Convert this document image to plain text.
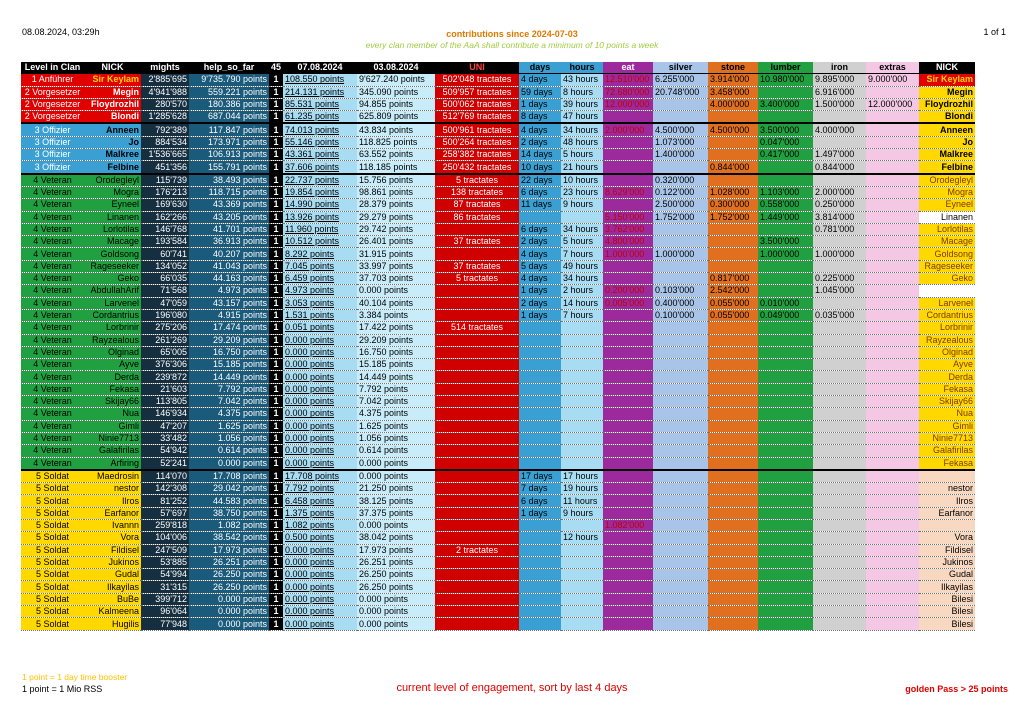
08.08.2024, 03:29h	1 of 1
contributions since 2024-07-03
every clan member of the AaA shall contribute a minimum of 10 points a week
Level in Clan	NICK	mights	help_so_far	45	07.08.2024	03.08.2024	UNI	days	hours	eat	silver	stone	lumber	iron	extras	NICK
1 Anführer	Sir Keylam	2'885'695	9'735.790 points	1	108.550 points	9'627.240 points	502'048 tractates	4 days	43 hours	12.510'000	6.255'000	3.914'000	10.980'000	9.895'000	9.000'000	Sir Keylam
2 Vorgesetzer	Megin	4'941'988	559.221 points	1	214.131 points	345.090 points	509'957 tractates	59 days	8 hours	72.680'000	20.748'000	3.458'000		6.916'000		Megin
2 Vorgesetzer	Floydrozhil	280'570	180.386 points	1	85.531 points	94.855 points	500'062 tractates	1 days	39 hours	12.000'000		4.000'000	3.400'000	1.500'000	12.000'000	Floydrozhil
2 Vorgesetzer	Blondi	1'285'628	687.044 points	1	61.235 points	625.809 points	512'769 tractates	8 days	47 hours							Blondi
3 Offizier	Anneen	792'389	117.847 points	1	74.013 points	43.834 points	500'961 tractates	4 days	34 hours	2.000'000	4.500'000	4.500'000	3.500'000	4.000'000		Anneen
3 Offizier	Jo	884'534	173.971 points	1	55.146 points	118.825 points	500'264 tractates	2 days	48 hours		1.073'000		0.047'000			Jo
3 Offizier	Malkree	1'536'665	106.913 points	1	43.361 points	63.552 points	258'382 tractates	14 days	5 hours		1.400'000		0.417'000	1.497'000		Malkree
3 Offizier	Felbine	451'356	155.791 points	1	37.606 points	118.185 points	250'432 tractates	10 days	21 hours			0.844'000		0.844'000		Felbine
4 Veteran	Orodegleyl	115'739	38.493 points	1	22.737 points	15.756 points	5 tractates	22 days	10 hours		0.320'000					Orodegleyl
4 Veteran	Mogra	176'213	118.715 points	1	19.854 points	98.861 points	138 tractates	6 days	23 hours	8.629'000	0.122'000	1.028'000	1.103'000	2.000'000		Mogra
4 Veteran	Eyneel	169'630	43.369 points	1	14.990 points	28.379 points	87 tractates	11 days	9 hours		2.500'000	0.300'000	0.558'000	0.250'000		Eyneel
4 Veteran	Linanen	162'266	43.205 points	1	13.926 points	29.279 points	86 tractates			5.150'000	1.752'000	1.752'000	1.449'000	3.814'000		Linanen
4 Veteran	Lorlotilas	146'768	41.701 points	1	11.960 points	29.742 points		6 days	34 hours	3.762'000				0.781'000		Lorlotilas
4 Veteran	Macage	193'584	36.913 points	1	10.512 points	26.401 points	37 tractates	2 days	5 hours	4.800'000			3.500'000			Macage
4 Veteran	Goldsong	60'741	40.207 points	1	8.292 points	31.915 points		4 days	7 hours	1.000'000	1.000'000		1.000'000	1.000'000		Goldsong
4 Veteran	Rageseeker	134'052	41.043 points	1	7.045 points	33.997 points	37 tractates	5 days	49 hours							Rageseeker
4 Veteran	Geko	66'035	44.163 points	1	6.459 points	37.703 points	5 tractates	4 days	34 hours			0.817'000		0.225'000		Geko
4 Veteran	AbdullahArif	71'568	4.973 points	1	4.973 points	0.000 points		1 days	2 hours	0.200'000	0.103'000	2.542'000		1.045'000		
4 Veteran	Larvenel	47'059	43.157 points	1	3.053 points	40.104 points		2 days	14 hours	0.005'000	0.400'000	0.055'000	0.010'000			Larvenel
4 Veteran	Cordantrius	196'080	4.915 points	1	1.531 points	3.384 points		1 days	7 hours		0.100'000	0.055'000	0.049'000	0.035'000		Cordantrius
4 Veteran	Lorbrinir	275'206	17.474 points	1	0.051 points	17.422 points	514 tractates									Lorbrinir
4 Veteran	Rayzealous	261'269	29.209 points	1	0.000 points	29.209 points										Rayzealous
4 Veteran	Olginad	65'005	16.750 points	1	0.000 points	16.750 points										Olginad
4 Veteran	Ayve	376'306	15.185 points	1	0.000 points	15.185 points										Ayve
4 Veteran	Derda	239'872	14.449 points	1	0.000 points	14.449 points										Derda
4 Veteran	Fekasa	21'603	7.792 points	1	0.000 points	7.792 points										Fekasa
4 Veteran	Skijay66	113'805	7.042 points	1	0.000 points	7.042 points										Skijay66
4 Veteran	Nua	146'934	4.375 points	1	0.000 points	4.375 points										Nua
4 Veteran	Gimli	47'207	1.625 points	1	0.000 points	1.625 points										Gimli
4 Veteran	Ninie7713	33'482	1.056 points	1	0.000 points	1.056 points										Ninie7713
4 Veteran	Galafirilas	54'942	0.614 points	1	0.000 points	0.614 points										Galafirilas
4 Veteran	Arfiring	52'241	0.000 points	1	0.000 points	0.000 points										Fekasa
5 Soldat	Maedrosin	114'070	17.708 points	1	17.708 points	0.000 points		17 days	17 hours							
5 Soldat	nestor	142'308	29.042 points	1	7.792 points	21.250 points		7 days	19 hours							nestor
5 Soldat	Ilros	81'252	44.583 points	1	6.458 points	38.125 points		6 days	11 hours							Ilros
5 Soldat	Earfanor	57'697	38.750 points	1	1.375 points	37.375 points		1 days	9 hours							Earfanor
5 Soldat	Ivannn	259'818	1.082 points	1	1.082 points	0.000 points				1.082'000						
5 Soldat	Vora	104'006	38.542 points	1	0.500 points	38.042 points			12 hours							Vora
5 Soldat	Fildisel	247'509	17.973 points	1	0.000 points	17.973 points	2 tractates									Fildisel
5 Soldat	Jukinos	53'885	26.251 points	1	0.000 points	26.251 points										Jukinos
5 Soldat	Gudal	54'994	26.250 points	1	0.000 points	26.250 points										Gudal
5 Soldat	Ilkayilas	31'315	26.250 points	1	0.000 points	26.250 points										Ilkayilas
5 Soldat	BuBe	399'712	0.000 points	1	0.000 points	0.000 points										Bilesi
5 Soldat	Kalmeena	96'064	0.000 points	1	0.000 points	0.000 points										Bilesi
5 Soldat	Hugilis	77'948	0.000 points	1	0.000 points	0.000 points										Bilesi
1 point = 1 day time booster
1 point = 1 Mio RSS	current level of engagement, sort by last 4 days	golden Pass > 25 points
